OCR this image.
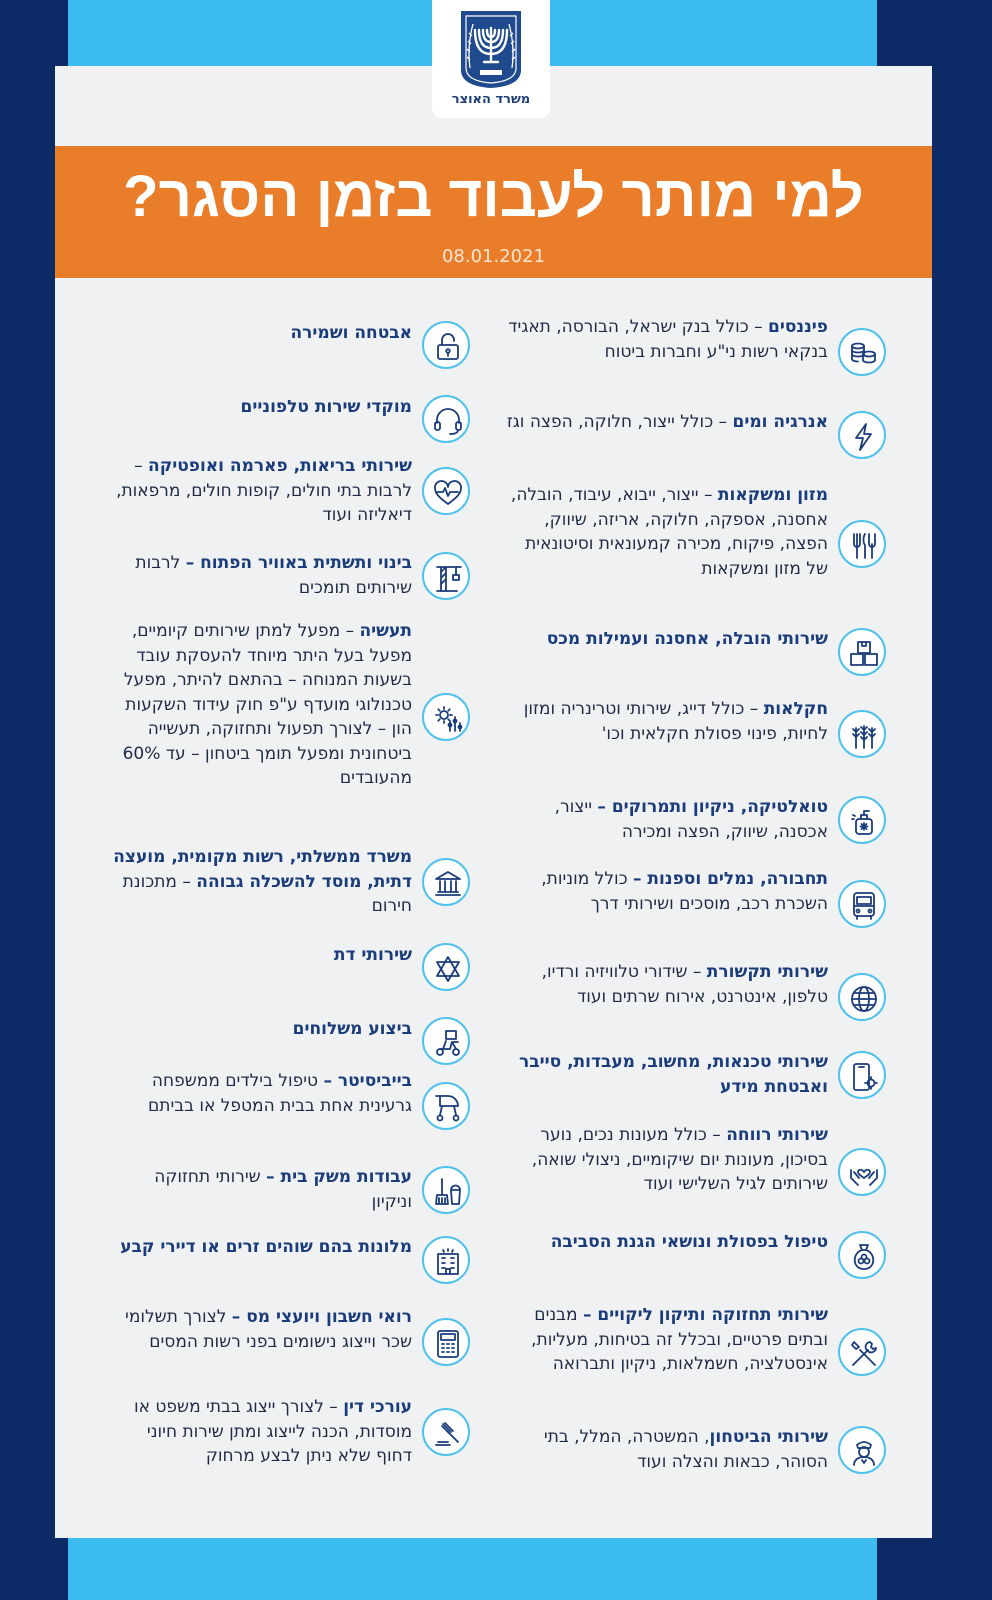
משרד האוצר
למי מותר לעבוד בזמן הסגר?
08.01.2021
פיננסים – כולל בנק ישראל, הבורסה, תאגיד בנקאי רשות ני"ע וחברות ביטוח
אנרגיה ומים – כולל ייצור, חלוקה, הפצה וגז
מזון ומשקאות – ייצור, ייבוא, עיבוד, הובלה, אחסנה, אספקה, חלוקה, אריזה, שיווק, הפצה, פיקוח, מכירה קמעונאית וסיטונאית של מזון ומשקאות
שירותי הובלה, אחסנה ועמילות מכס
חקלאות – כולל דייג, שירותי וטרינריה ומזון לחיות, פינוי פסולת חקלאית וכו'
טואלטיקה, ניקיון ותמרוקים – ייצור, אכסנה, שיווק, הפצה ומכירה
תחבורה, נמלים וספנות – כולל מוניות, השכרת רכב, מוסכים ושירותי דרך
שירותי תקשורת – שידורי טלוויזיה ורדיו, טלפון, אינטרנט, אירוח שרתים ועוד
שירותי טכנאות, מחשוב, מעבדות, סייבר ואבטחת מידע
שירותי רווחה – כולל מעונות נכים, נוער בסיכון, מעונות יום שיקומיים, ניצולי שואה, שירותים לגיל השלישי ועוד
טיפול בפסולת ונושאי הגנת הסביבה
שירותי תחזוקה ותיקון ליקויים – מבנים ובתים פרטיים, ובכלל זה בטיחות, מעליות, אינסטלציה, חשמלאות, ניקיון ותברואה
שירותי הביטחון, המשטרה, המלל, בתי הסוהר, כבאות והצלה ועוד
אבטחה ושמירה
מוקדי שירות טלפוניים
שירותי בריאות, פארמה ואופטיקה – לרבות בתי חולים, קופות חולים, מרפאות, דיאליזה ועוד
בינוי ותשתית באוויר הפתוח – לרבות שירותים תומכים
תעשיה – מפעל למתן שירותים קיומיים, מפעל בעל היתר מיוחד להעסקת עובד בשעות המנוחה – בהתאם להיתר, מפעל טכנולוגי מועדף ע"פ חוק עידוד השקעות הון – לצורך תפעול ותחזוקה, תעשייה ביטחונית ומפעל תומך ביטחון – עד 60% מהעובדים
משרד ממשלתי, רשות מקומית, מועצה דתית, מוסד להשכלה גבוהה – מתכונת חירום
שירותי דת
ביצוע משלוחים
בייביסיטר – טיפול בילדים ממשפחה גרעינית אחת בבית המטפל או בביתם
עבודות משק בית – שירותי תחזוקה וניקיון
מלונות בהם שוהים זרים או דיירי קבע
רואי חשבון ויועצי מס – לצורך תשלומי שכר וייצוג נישומים בפני רשות המסים
עורכי דין – לצורך ייצוג בבתי משפט או מוסדות, הכנה לייצוג ומתן שירות חיוני דחוף שלא ניתן לבצע מרחוק
